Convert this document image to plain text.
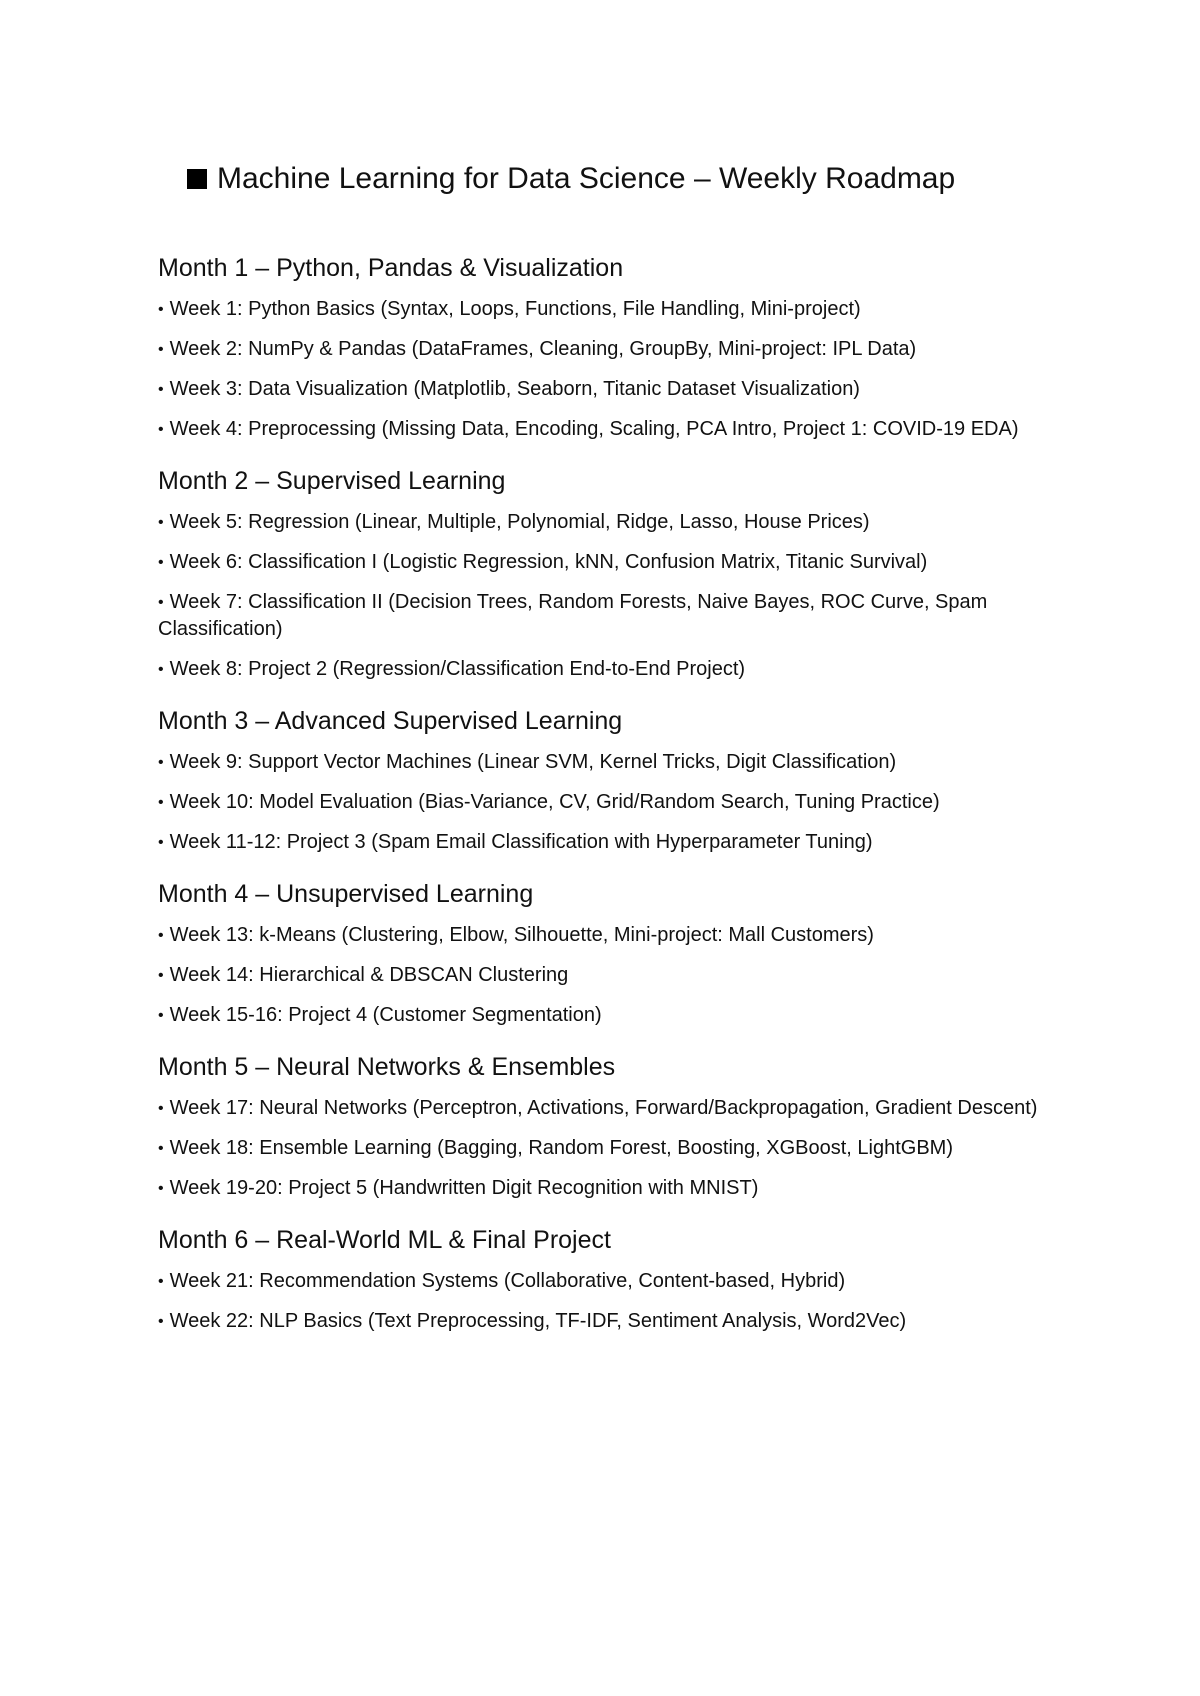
Machine Learning for Data Science – Weekly Roadmap
Month 1 – Python, Pandas & Visualization

• Week 1: Python Basics (Syntax, Loops, Functions, File Handling, Mini-project)

• Week 2: NumPy & Pandas (DataFrames, Cleaning, GroupBy, Mini-project: IPL Data)

• Week 3: Data Visualization (Matplotlib, Seaborn, Titanic Dataset Visualization)

• Week 4: Preprocessing (Missing Data, Encoding, Scaling, PCA Intro, Project 1: COVID-19 EDA)

Month 2 – Supervised Learning

• Week 5: Regression (Linear, Multiple, Polynomial, Ridge, Lasso, House Prices)

• Week 6: Classification I (Logistic Regression, kNN, Confusion Matrix, Titanic Survival)

• Week 7: Classification II (Decision Trees, Random Forests, Naive Bayes, ROC Curve, Spam Classification)

• Week 8: Project 2 (Regression/Classification End-to-End Project)

Month 3 – Advanced Supervised Learning

• Week 9: Support Vector Machines (Linear SVM, Kernel Tricks, Digit Classification)

• Week 10: Model Evaluation (Bias-Variance, CV, Grid/Random Search, Tuning Practice)

• Week 11-12: Project 3 (Spam Email Classification with Hyperparameter Tuning)

Month 4 – Unsupervised Learning

• Week 13: k-Means (Clustering, Elbow, Silhouette, Mini-project: Mall Customers)

• Week 14: Hierarchical & DBSCAN Clustering

• Week 15-16: Project 4 (Customer Segmentation)

Month 5 – Neural Networks & Ensembles

• Week 17: Neural Networks (Perceptron, Activations, Forward/Backpropagation, Gradient Descent)

• Week 18: Ensemble Learning (Bagging, Random Forest, Boosting, XGBoost, LightGBM)

• Week 19-20: Project 5 (Handwritten Digit Recognition with MNIST)

Month 6 – Real-World ML & Final Project

• Week 21: Recommendation Systems (Collaborative, Content-based, Hybrid)

• Week 22: NLP Basics (Text Preprocessing, TF-IDF, Sentiment Analysis, Word2Vec)
